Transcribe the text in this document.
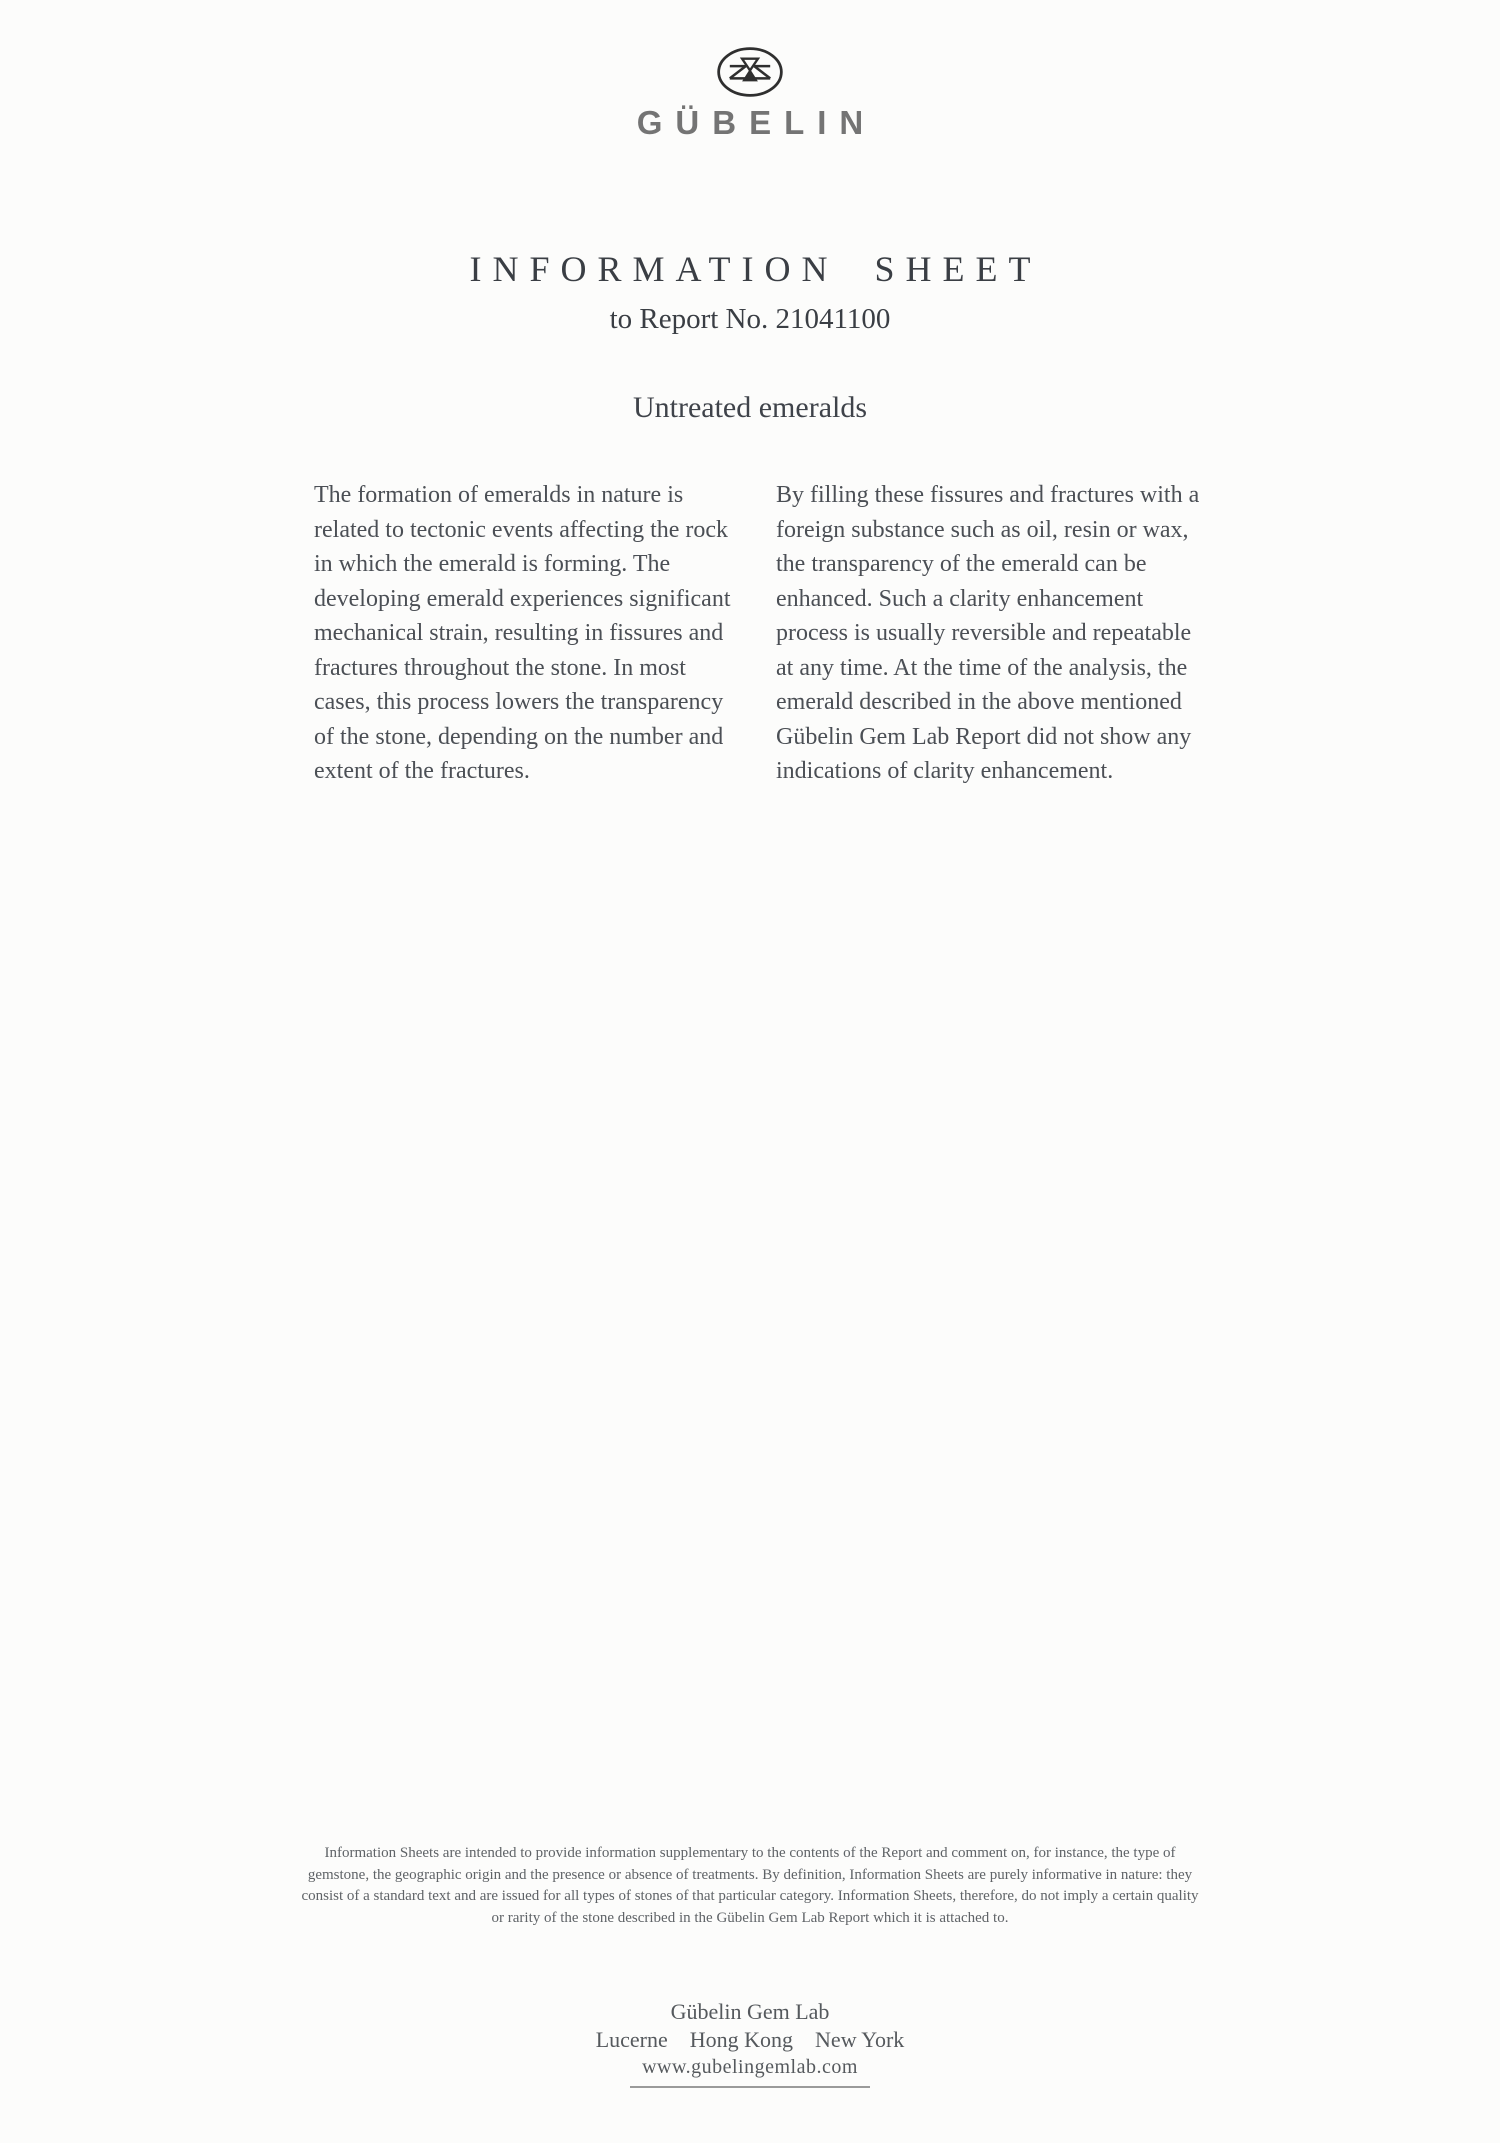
GÜBELIN
INFORMATION SHEET
to Report No. 21041100
Untreated emeralds

The formation of emeralds in nature is related to tectonic events affecting the rock in which the emerald is forming. The developing emerald experiences significant mechanical strain, resulting in fissures and fractures throughout the stone. In most cases, this process lowers the transparency of the stone, depending on the number and extent of the fractures.

By filling these fissures and fractures with a foreign substance such as oil, resin or wax, the transparency of the emerald can be enhanced. Such a clarity enhancement process is usually reversible and repeatable at any time. At the time of the analysis, the emerald described in the above mentioned Gübelin Gem Lab Report did not show any indications of clarity enhancement.

Information Sheets are intended to provide information supplementary to the contents of the Report and comment on, for instance, the type of gemstone, the geographic origin and the presence or absence of treatments. By definition, Information Sheets are purely informative in nature: they consist of a standard text and are issued for all types of stones of that particular category. Information Sheets, therefore, do not imply a certain quality or rarity of the stone described in the Gübelin Gem Lab Report which it is attached to.
Gübelin Gem Lab
Lucerne Hong Kong New York
www.gubelingemlab.com
